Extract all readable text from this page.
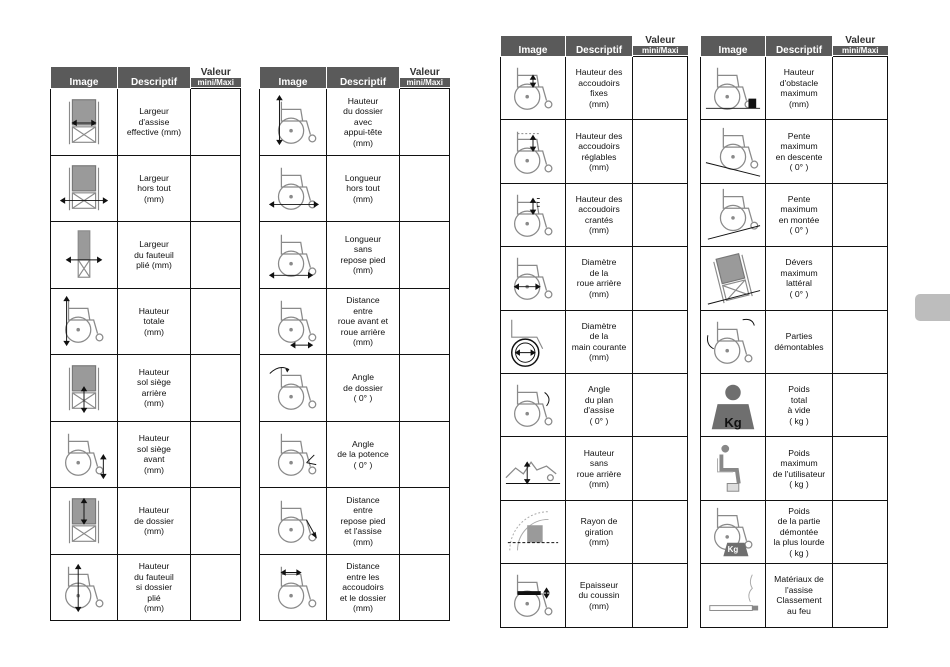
Image	Descriptif	Valeur
mini/Maxi

Largeur
d'assise
effective (mm)	

Largeur
hors tout
(mm)	

Largeur
du fauteuil
plié (mm)	

Hauteur
totale
(mm)	

Hauteur
sol siège
arrière
(mm)	

Hauteur
sol siège
avant
(mm)	

Hauteur
de dossier
(mm)	

Hauteur
du fauteuil
si dossier
plié
(mm)	

Image	Descriptif	Valeur
mini/Maxi

Hauteur
du dossier
avec
appui-tête
(mm)	

Longueur
hors tout
(mm)	

Longueur
sans
repose pied
(mm)	

Distance
entre
roue avant et
roue arrière
(mm)	

Angle
de dossier
( 0° )	

Angle
de la potence
( 0° )	

Distance
entre
repose pied
et l'assise
(mm)	

Distance
entre les
accoudoirs
et le dossier
(mm)	

Image	Descriptif	Valeur
mini/Maxi

Hauteur des
accoudoirs
fixes
(mm)	

Hauteur des
accoudoirs
réglables
(mm)	

Hauteur des
accoudoirs
crantés
(mm)	

Diamètre
de la
roue arrière
(mm)	

Diamètre
de la
main courante
(mm)	

Angle
du plan
d'assise
( 0° )	

Hauteur
sans
roue arrière
(mm)	

Rayon de
giration
(mm)	

Epaisseur
du coussin
(mm)	

Image	Descriptif	Valeur
mini/Maxi

Hauteur
d'obstacle
maximum
(mm)	

Pente
maximum
en descente
( 0° )	

Pente
maximum
en montée
( 0° )	

Dévers
maximum
lattéral
( 0° )	

Parties
démontables	

Kg	Poids
total
à vide
( kg )	

Poids
maximum
de l'utilisateur
( kg )	

Kg	Poids
de la partie
démontée
la plus lourde
( kg )	

Matériaux de
l'assise
Classement
au feu	
